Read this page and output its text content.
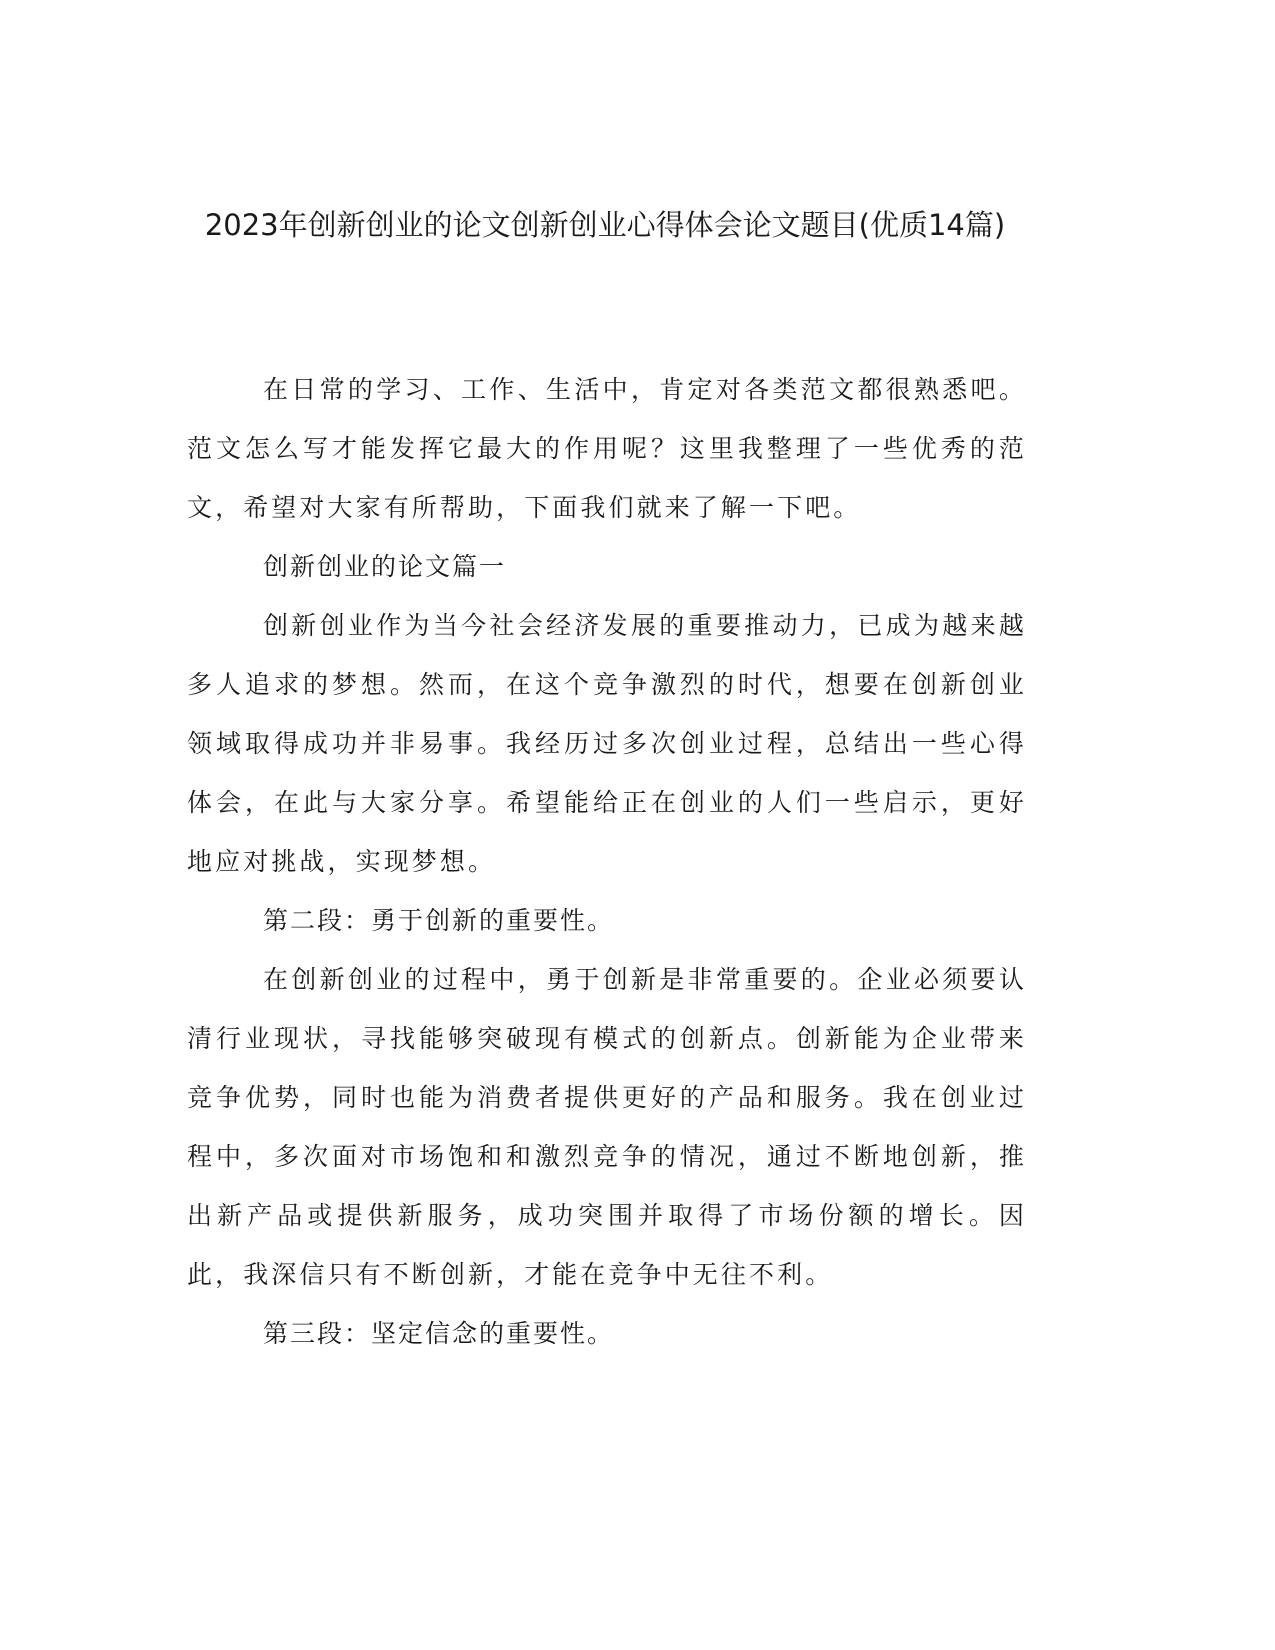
2023年创新创业的论文创新创业心得体会论文题目(优质14篇)

在日常的学习、工作、生活中，肯定对各类范文都很熟悉吧。范文怎么写才能发挥它最大的作用呢？这里我整理了一些优秀的范文，希望对大家有所帮助，下面我们就来了解一下吧。

创新创业的论文篇一

创新创业作为当今社会经济发展的重要推动力，已成为越来越多人追求的梦想。然而，在这个竞争激烈的时代，想要在创新创业领域取得成功并非易事。我经历过多次创业过程，总结出一些心得体会，在此与大家分享。希望能给正在创业的人们一些启示，更好地应对挑战，实现梦想。

第二段：勇于创新的重要性。

在创新创业的过程中，勇于创新是非常重要的。企业必须要认清行业现状，寻找能够突破现有模式的创新点。创新能为企业带来竞争优势，同时也能为消费者提供更好的产品和服务。我在创业过程中，多次面对市场饱和和激烈竞争的情况，通过不断地创新，推出新产品或提供新服务，成功突围并取得了市场份额的增长。因此，我深信只有不断创新，才能在竞争中无往不利。

第三段：坚定信念的重要性。
